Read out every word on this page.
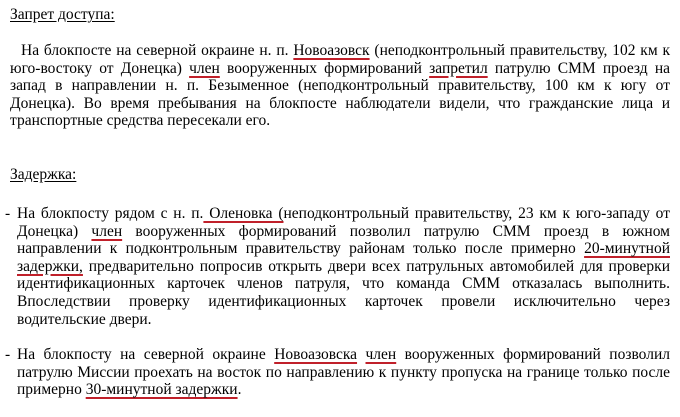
Запрет доступа:

На блокпосте на северной окраине н. п. Новоазовск (неподконтрольный правительству, 102 км к юго-востоку от Донецка) член вооруженных формирований запретил патрулю СММ проезд на запад в направлении н. п. Безыменное (неподконтрольный правительству, 100 км к югу от Донецка). Во время пребывания на блокпосте наблюдатели видели, что гражданские лица и транспортные средства пересекали его.

Задержка:
- На блокпосту рядом с н. п. Оленовка (неподконтрольный правительству, 23 км к юго-западу от Донецка) член вооруженных формирований позволил патрулю СММ проезд в южном направлении к подконтрольным правительству районам только после примерно 20-минутной задержки, предварительно попросив открыть двери всех патрульных автомобилей для проверки идентификационных карточек членов патруля, что команда СММ отказалась выполнить. Впоследствии проверку идентификационных карточек провели исключительно через водительские двери.
- На блокпосту на северной окраине Новоазовска член вооруженных формирований позволил патрулю Миссии проехать на восток по направлению к пункту пропуска на границе только после примерно 30-минутной задержки.
